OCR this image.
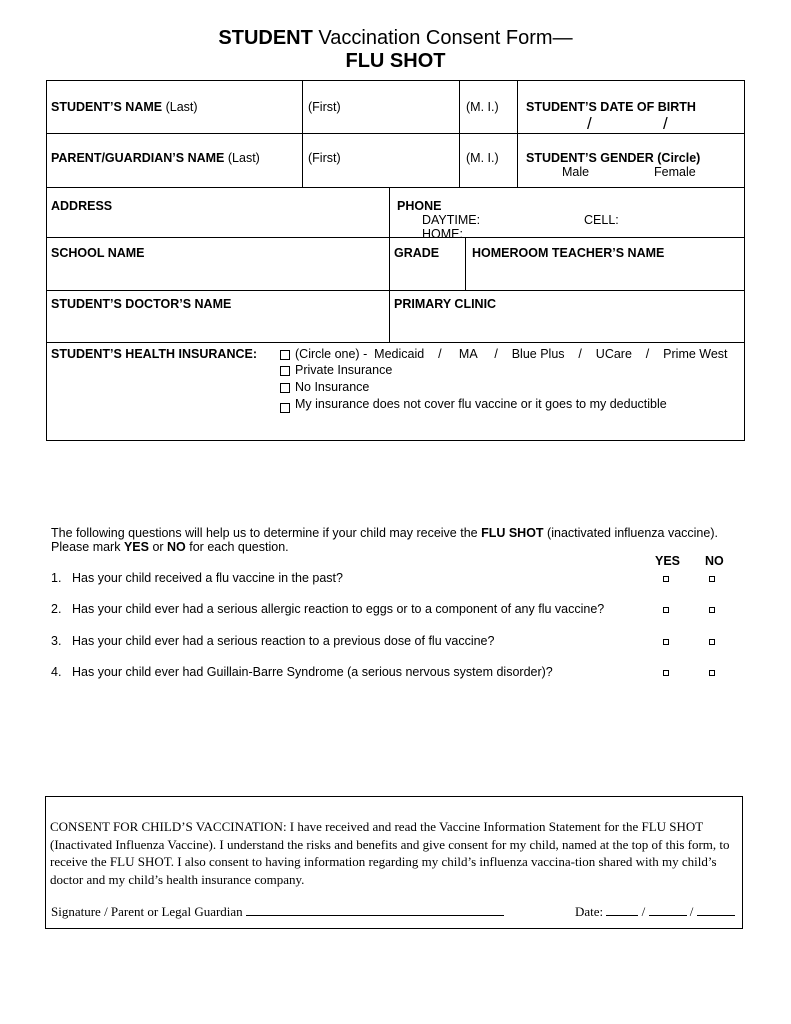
STUDENT Vaccination Consent Form—
FLU SHOT
STUDENT’S NAME (Last)	(First)	(M. I.) STUDENT’S DATE OF BIRTH
/	/
PARENT/GUARDIAN’S NAME (Last)	(First)	(M. I.) STUDENT’S GENDER (Circle)
Male	Female
ADDRESS	PHONE
DAYTIME:	CELL:
HOME:
SCHOOL NAME	GRADE	HOMEROOM TEACHER’S NAME
STUDENT’S DOCTOR’S NAME	PRIMARY CLINIC
STUDENT’S HEALTH INSURANCE:	(Circle one) -  Medicaid    /     MA     /    Blue Plus    /    UCare    /    Prime West
Private Insurance
No Insurance
My insurance does not cover flu vaccine or it goes to my deductible
The following questions will help us to determine if your child may receive the FLU SHOT (inactivated influenza vaccine).
Please mark YES or NO for each question.
YES NO
1. Has your child received a flu vaccine in the past?
2. Has your child ever had a serious allergic reaction to eggs or to a component of any flu vaccine?
3. Has your child ever had a serious reaction to a previous dose of flu vaccine?
4. Has your child ever had Guillain-Barre Syndrome (a serious nervous system disorder)?
CONSENT FOR CHILD’S VACCINATION: I have received and read the Vaccine Information Statement for the FLU SHOT (Inactivated Influenza Vaccine). I understand the risks and benefits and give consent for my child, named at the top of this form, to receive the FLU SHOT. I also consent to having information regarding my child’s influenza vaccina-tion shared with my child’s doctor and my child’s health insurance company.
Signature / Parent or Legal Guardian	Date:	/	/
